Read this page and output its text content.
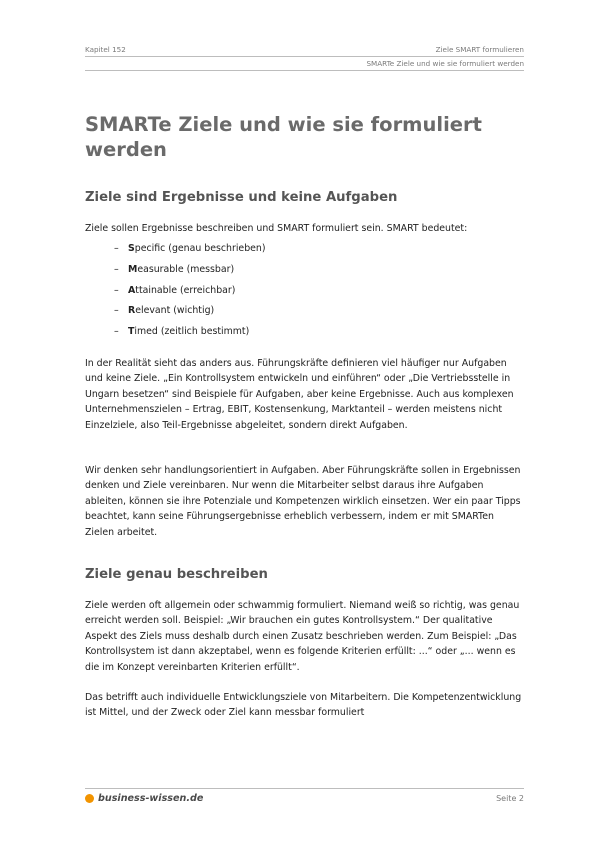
Kapitel 152	Ziele SMART formulieren
SMARTe Ziele und wie sie formuliert werden
SMARTe Ziele und wie sie formuliert werden
Ziele sind Ergebnisse und keine Aufgaben

Ziele sollen Ergebnisse beschreiben und SMART formuliert sein. SMART bedeutet:

– Specific (genau beschrieben)
– Measurable (messbar)
– Attainable (erreichbar)
– Relevant (wichtig)
– Timed (zeitlich bestimmt)

In der Realität sieht das anders aus. Führungskräfte definieren viel häufiger nur Aufgaben und keine Ziele. „Ein Kontrollsystem entwickeln und einführen“ oder „Die Vertriebsstelle in Ungarn besetzen“ sind Beispiele für Aufgaben, aber keine Ergebnisse. Auch aus komplexen Unternehmenszielen – Ertrag, EBIT, Kostensenkung, Marktanteil – werden meistens nicht Einzelziele, also Teil-Ergebnisse abgeleitet, sondern direkt Aufgaben.

Wir denken sehr handlungsorientiert in Aufgaben. Aber Führungskräfte sollen in Ergebnissen denken und Ziele vereinbaren. Nur wenn die Mitarbeiter selbst daraus ihre Aufgaben ableiten, können sie ihre Potenziale und Kompetenzen wirklich einsetzen. Wer ein paar Tipps beachtet, kann seine Führungsergebnisse erheblich verbessern, indem er mit SMARTen Zielen arbeitet.

Ziele genau beschreiben

Ziele werden oft allgemein oder schwammig formuliert. Niemand weiß so richtig, was genau erreicht werden soll. Beispiel: „Wir brauchen ein gutes Kontrollsystem.“ Der qualitative Aspekt des Ziels muss deshalb durch einen Zusatz beschrieben werden. Zum Beispiel: „Das Kontrollsystem ist dann akzeptabel, wenn es folgende Kriterien erfüllt: ...“ oder „... wenn es die im Konzept vereinbarten Kriterien erfüllt“.

Das betrifft auch individuelle Entwicklungsziele von Mitarbeitern. Die Kompetenzentwicklung ist Mittel, und der Zweck oder Ziel kann messbar formuliert

business-wissen.de	Seite 2
